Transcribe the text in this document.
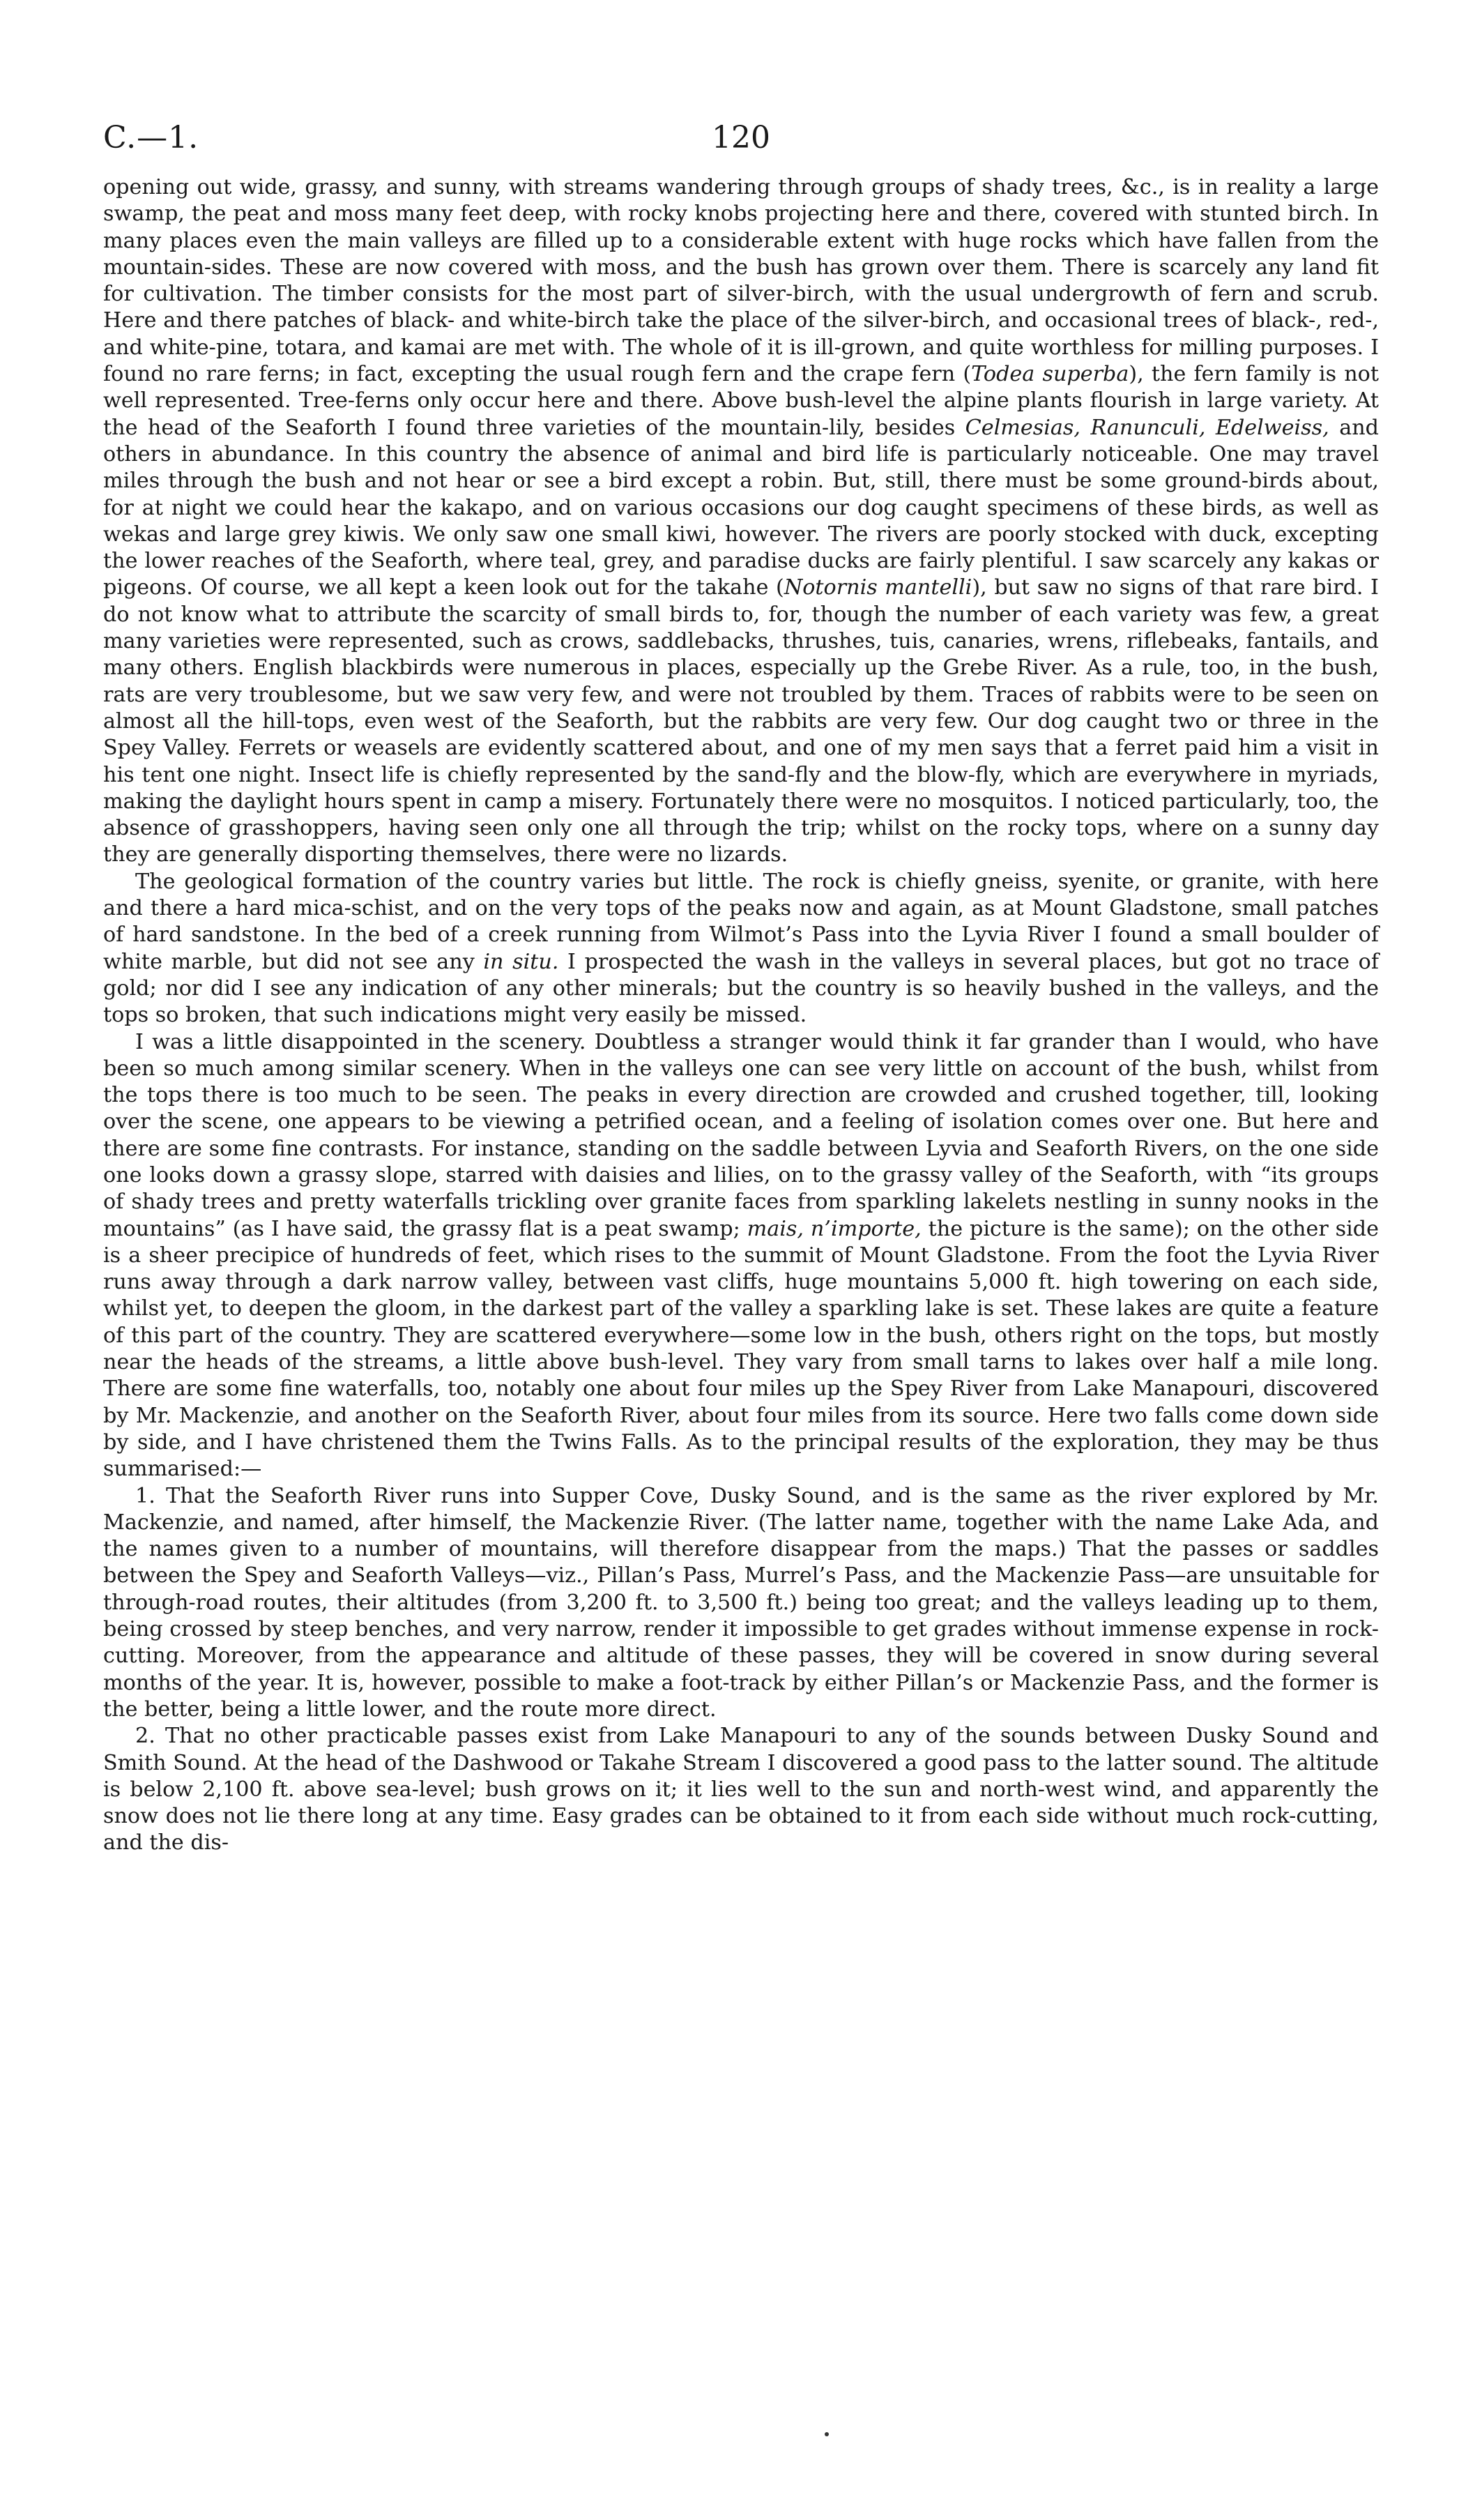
C.—1.	120

opening out wide, grassy, and sunny, with streams wandering through groups of shady trees, &c., is in reality a large swamp, the peat and moss many feet deep, with rocky knobs projecting here and there, covered with stunted birch. In many places even the main valleys are filled up to a considerable extent with huge rocks which have fallen from the mountain-sides. These are now covered with moss, and the bush has grown over them. There is scarcely any land fit for cultivation. The timber consists for the most part of silver-birch, with the usual undergrowth of fern and scrub. Here and there patches of black- and white-birch take the place of the silver-birch, and occasional trees of black-, red-, and white-pine, totara, and kamai are met with. The whole of it is ill-grown, and quite worthless for milling purposes. I found no rare ferns; in fact, excepting the usual rough fern and the crape fern (Todea superba), the fern family is not well represented. Tree-ferns only occur here and there. Above bush-level the alpine plants flourish in large variety. At the head of the Seaforth I found three varieties of the mountain-lily, besides Celmesias, Ranunculi, Edelweiss, and others in abundance. In this country the absence of animal and bird life is particularly noticeable. One may travel miles through the bush and not hear or see a bird except a robin. But, still, there must be some ground-birds about, for at night we could hear the kakapo, and on various occasions our dog caught specimens of these birds, as well as wekas and large grey kiwis. We only saw one small kiwi, however. The rivers are poorly stocked with duck, excepting the lower reaches of the Seaforth, where teal, grey, and paradise ducks are fairly plentiful. I saw scarcely any kakas or pigeons. Of course, we all kept a keen look out for the takahe (Notornis mantelli), but saw no signs of that rare bird. I do not know what to attribute the scarcity of small birds to, for, though the number of each variety was few, a great many varieties were represented, such as crows, saddlebacks, thrushes, tuis, canaries, wrens, riflebeaks, fantails, and many others. English blackbirds were numerous in places, especially up the Grebe River. As a rule, too, in the bush, rats are very troublesome, but we saw very few, and were not troubled by them. Traces of rabbits were to be seen on almost all the hill-tops, even west of the Seaforth, but the rabbits are very few. Our dog caught two or three in the Spey Valley. Ferrets or weasels are evidently scattered about, and one of my men says that a ferret paid him a visit in his tent one night. Insect life is chiefly represented by the sand-fly and the blow-fly, which are everywhere in myriads, making the daylight hours spent in camp a misery. Fortunately there were no mosquitos. I noticed particularly, too, the absence of grasshoppers, having seen only one all through the trip; whilst on the rocky tops, where on a sunny day they are generally disporting themselves, there were no lizards.

The geological formation of the country varies but little. The rock is chiefly gneiss, syenite, or granite, with here and there a hard mica-schist, and on the very tops of the peaks now and again, as at Mount Gladstone, small patches of hard sandstone. In the bed of a creek running from Wilmot’s Pass into the Lyvia River I found a small boulder of white marble, but did not see any in situ. I prospected the wash in the valleys in several places, but got no trace of gold; nor did I see any indication of any other minerals; but the country is so heavily bushed in the valleys, and the tops so broken, that such indications might very easily be missed.

I was a little disappointed in the scenery. Doubtless a stranger would think it far grander than I would, who have been so much among similar scenery. When in the valleys one can see very little on account of the bush, whilst from the tops there is too much to be seen. The peaks in every direction are crowded and crushed together, till, looking over the scene, one appears to be viewing a petrified ocean, and a feeling of isolation comes over one. But here and there are some fine contrasts. For instance, standing on the saddle between Lyvia and Seaforth Rivers, on the one side one looks down a grassy slope, starred with daisies and lilies, on to the grassy valley of the Seaforth, with “its groups of shady trees and pretty waterfalls trickling over granite faces from sparkling lakelets nestling in sunny nooks in the mountains” (as I have said, the grassy flat is a peat swamp; mais, n’importe, the picture is the same); on the other side is a sheer precipice of hundreds of feet, which rises to the summit of Mount Gladstone. From the foot the Lyvia River runs away through a dark narrow valley, between vast cliffs, huge mountains 5,000 ft. high towering on each side, whilst yet, to deepen the gloom, in the darkest part of the valley a sparkling lake is set. These lakes are quite a feature of this part of the country. They are scattered everywhere—some low in the bush, others right on the tops, but mostly near the heads of the streams, a little above bush-level. They vary from small tarns to lakes over half a mile long. There are some fine waterfalls, too, notably one about four miles up the Spey River from Lake Manapouri, discovered by Mr. Mackenzie, and another on the Seaforth River, about four miles from its source. Here two falls come down side by side, and I have christened them the Twins Falls. As to the principal results of the exploration, they may be thus summarised:—

1. That the Seaforth River runs into Supper Cove, Dusky Sound, and is the same as the river explored by Mr. Mackenzie, and named, after himself, the Mackenzie River. (The latter name, together with the name Lake Ada, and the names given to a number of mountains, will therefore disappear from the maps.) That the passes or saddles between the Spey and Seaforth Valleys—viz., Pillan’s Pass, Murrel’s Pass, and the Mackenzie Pass—are unsuitable for through-road routes, their altitudes (from 3,200 ft. to 3,500 ft.) being too great; and the valleys leading up to them, being crossed by steep benches, and very narrow, render it impossible to get grades without immense expense in rock-cutting. Moreover, from the appearance and altitude of these passes, they will be covered in snow during several months of the year. It is, however, possible to make a foot-track by either Pillan’s or Mackenzie Pass, and the former is the better, being a little lower, and the route more direct.

2. That no other practicable passes exist from Lake Manapouri to any of the sounds between Dusky Sound and Smith Sound. At the head of the Dashwood or Takahe Stream I discovered a good pass to the latter sound. The altitude is below 2,100 ft. above sea-level; bush grows on it; it lies well to the sun and north-west wind, and apparently the snow does not lie there long at any time. Easy grades can be obtained to it from each side without much rock-cutting, and the dis-
